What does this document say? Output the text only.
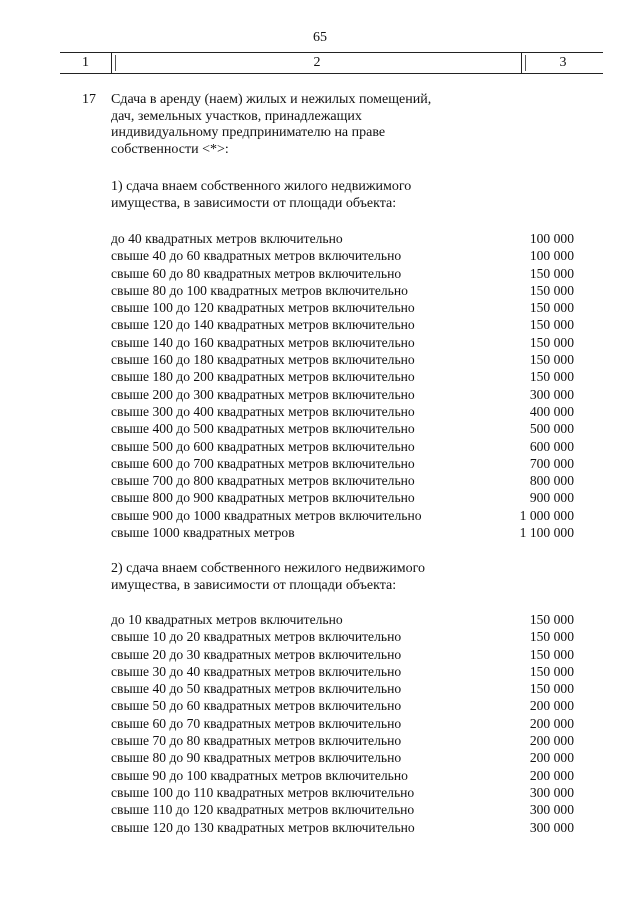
65
1	2	3
17 Сдача в аренду (наем) жилых и нежилых помещений,
дач, земельных участков, принадлежащих
индивидуальному предпринимателю на праве
собственности <*>:
1) сдача внаем собственного жилого недвижимого
имущества, в зависимости от площади объекта:
до 40 квадратных метров включительно	100 000
свыше 40 до 60 квадратных метров включительно	100 000
свыше 60 до 80 квадратных метров включительно	150 000
свыше 80 до 100 квадратных метров включительно	150 000
свыше 100 до 120 квадратных метров включительно	150 000
свыше 120 до 140 квадратных метров включительно	150 000
свыше 140 до 160 квадратных метров включительно	150 000
свыше 160 до 180 квадратных метров включительно	150 000
свыше 180 до 200 квадратных метров включительно	150 000
свыше 200 до 300 квадратных метров включительно	300 000
свыше 300 до 400 квадратных метров включительно	400 000
свыше 400 до 500 квадратных метров включительно	500 000
свыше 500 до 600 квадратных метров включительно	600 000
свыше 600 до 700 квадратных метров включительно	700 000
свыше 700 до 800 квадратных метров включительно	800 000
свыше 800 до 900 квадратных метров включительно	900 000
свыше 900 до 1000 квадратных метров включительно	1 000 000
свыше 1000 квадратных метров	1 100 000
2) сдача внаем собственного нежилого недвижимого
имущества, в зависимости от площади объекта:
до 10 квадратных метров включительно	150 000
свыше 10 до 20 квадратных метров включительно	150 000
свыше 20 до 30 квадратных метров включительно	150 000
свыше 30 до 40 квадратных метров включительно	150 000
свыше 40 до 50 квадратных метров включительно	150 000
свыше 50 до 60 квадратных метров включительно	200 000
свыше 60 до 70 квадратных метров включительно	200 000
свыше 70 до 80 квадратных метров включительно	200 000
свыше 80 до 90 квадратных метров включительно	200 000
свыше 90 до 100 квадратных метров включительно	200 000
свыше 100 до 110 квадратных метров включительно	300 000
свыше 110 до 120 квадратных метров включительно	300 000
свыше 120 до 130 квадратных метров включительно	300 000
